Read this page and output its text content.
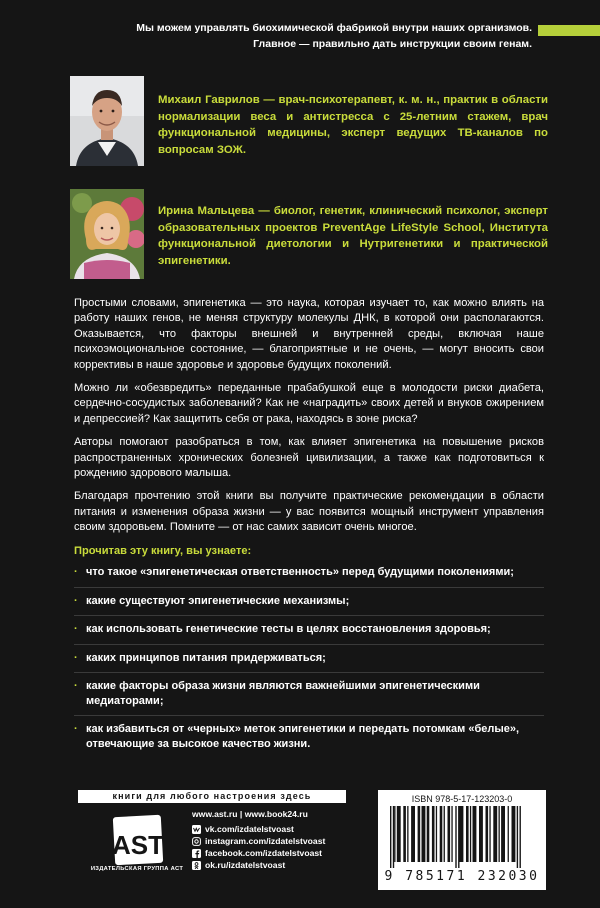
Мы можем управлять биохимической фабрикой внутри наших организмов.
Главное — правильно дать инструкции своим генам.
Михаил Гаврилов — врач-психотерапевт, к. м. н., практик в области нормализации веса и антистресса с 25-летним стажем, врач функциональной медицины, эксперт ведущих ТВ-каналов по вопросам ЗОЖ.
Ирина Мальцева — биолог, генетик, клинический психолог, эксперт образовательных проектов PreventAge LifeStyle School, Института функциональной диетологии и Нутригенетики и практической эпигенетики.

Простыми словами, эпигенетика — это наука, которая изучает то, как можно влиять на работу наших генов, не меняя структуру молекулы ДНК, в которой они располагаются. Оказывается, что факторы внешней и внутренней среды, включая наше психоэмоциональное состояние, — благоприятные и не очень, — могут вносить свои коррективы в наше здоровье и здоровье будущих поколений.

Можно ли «обезвредить» переданные прабабушкой еще в молодости риски диабета, сердечно-сосудистых заболеваний? Как не «наградить» своих детей и внуков ожирением и депрессией? Как защитить себя от рака, находясь в зоне риска?

Авторы помогают разобраться в том, как влияет эпигенетика на повышение рисков распространенных хронических болезней цивилизации, а также как подготовиться к рождению здорового малыша.

Благодаря прочтению этой книги вы получите практические рекомендации в области питания и изменения образа жизни — у вас появится мощный инструмент управления своим здоровьем. Помните — от нас самих зависит очень многое.

Прочитав эту книгу, вы узнаете:
· что такое «эпигенетическая ответственность» перед будущими поколениями;
· какие существуют эпигенетические механизмы;
· как использовать генетические тесты в целях восстановления здоровья;
· каких принципов питания придерживаться;
· какие факторы образа жизни являются важнейшими эпигенетическими медиаторами;
· как избавиться от «черных» меток эпигенетики и передать потомкам «белые», отвечающие за высокое качество жизни.
книги для любого настроения здесь
AST
ИЗДАТЕЛЬСКАЯ ГРУППА АСТ
www.ast.ru | www.book24.ru
vk.com/izdatelstvoast
instagram.com/izdatelstvoast
facebook.com/izdatelstvoast
ok.ru/izdatelstvoast
ISBN 978-5-17-123203-0
9 785171 232030
